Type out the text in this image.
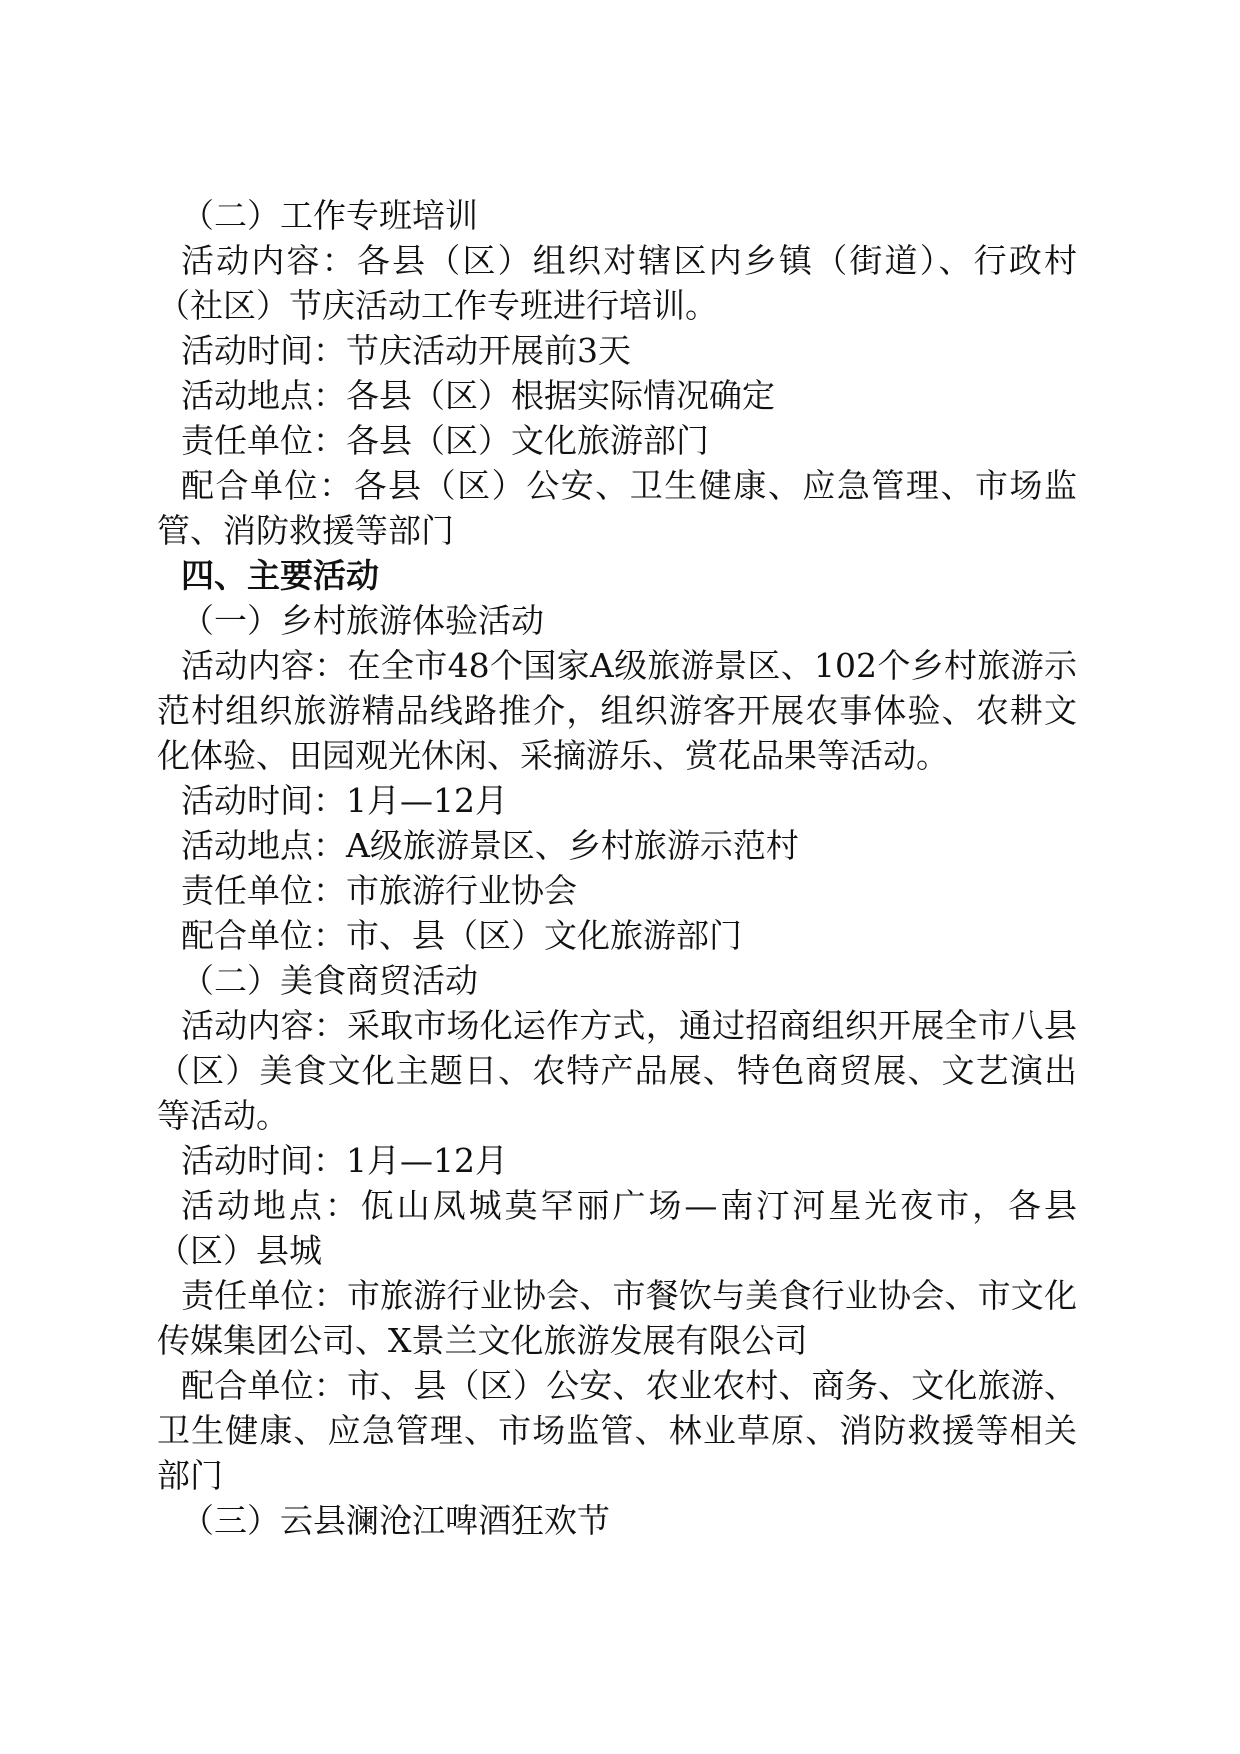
（二）工作专班培训

活动内容：各县（区）组织对辖区内乡镇（街道）、行政村（社区）节庆活动工作专班进行培训。

活动时间：节庆活动开展前3天

活动地点：各县（区）根据实际情况确定

责任单位：各县（区）文化旅游部门

配合单位：各县（区）公安、卫生健康、应急管理、市场监管、消防救援等部门

四、主要活动

（一）乡村旅游体验活动

活动内容：在全市48个国家A级旅游景区、102个乡村旅游示范村组织旅游精品线路推介，组织游客开展农事体验、农耕文化体验、田园观光休闲、采摘游乐、赏花品果等活动。

活动时间：1月—12月

活动地点：A级旅游景区、乡村旅游示范村

责任单位：市旅游行业协会

配合单位：市、县（区）文化旅游部门

（二）美食商贸活动

活动内容：采取市场化运作方式，通过招商组织开展全市八县（区）美食文化主题日、农特产品展、特色商贸展、文艺演出等活动。

活动时间：1月—12月

活动地点：佤山凤城莫罕丽广场—南汀河星光夜市，各县（区）县城

责任单位：市旅游行业协会、市餐饮与美食行业协会、市文化传媒集团公司、X景兰文化旅游发展有限公司

配合单位：市、县（区）公安、农业农村、商务、文化旅游、卫生健康、应急管理、市场监管、林业草原、消防救援等相关部门

（三）云县澜沧江啤酒狂欢节
